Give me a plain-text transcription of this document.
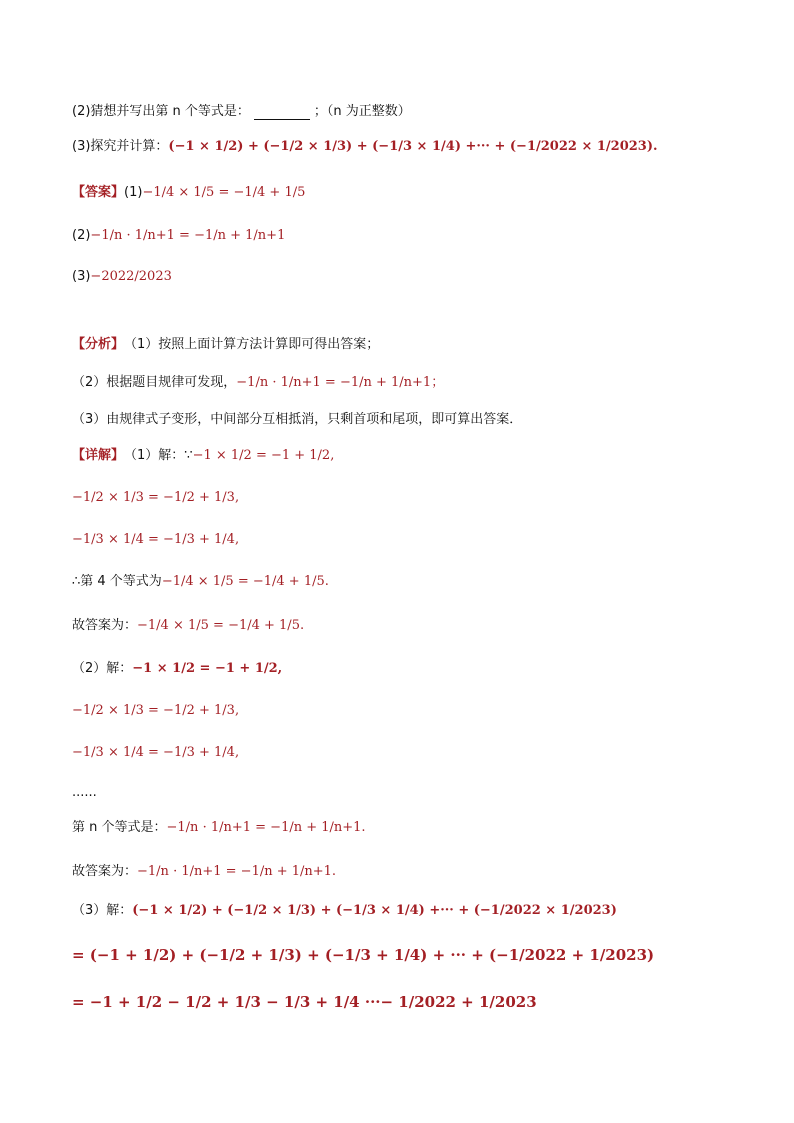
(2)猜想并写出第 n 个等式是：	；（n 为正整数）
(3)探究并计算： (−1 × 1/2) + (−1/2 × 1/3) + (−1/3 × 1/4) +··· + (−1/2022 × 1/2023).
【答案】 (1) −1/4 × 1/5 = −1/4 + 1/5
(2) −1/n · 1/n+1 = −1/n + 1/n+1
(3) −2022/2023
【分析】 （1）按照上面计算方法计算即可得出答案；
（2）根据题目规律可发现， −1/n · 1/n+1 = −1/n + 1/n+1；
（3）由规律式子变形，中间部分互相抵消，只剩首项和尾项，即可算出答案．
【详解】 （1）解：∵ −1 × 1/2 = −1 + 1/2,
−1/2 × 1/3 = −1/2 + 1/3,
−1/3 × 1/4 = −1/3 + 1/4,
∴第 4 个等式为 −1/4 × 1/5 = −1/4 + 1/5.
故答案为： −1/4 × 1/5 = −1/4 + 1/5.
（2）解： −1 × 1/2 = −1 + 1/2,
−1/2 × 1/3 = −1/2 + 1/3,
−1/3 × 1/4 = −1/3 + 1/4,
......
第 n 个等式是： −1/n · 1/n+1 = −1/n + 1/n+1.
故答案为： −1/n · 1/n+1 = −1/n + 1/n+1.
（3）解： (−1 × 1/2) + (−1/2 × 1/3) + (−1/3 × 1/4) +··· + (−1/2022 × 1/2023)
= (−1 + 1/2) + (−1/2 + 1/3) + (−1/3 + 1/4) + ··· + (−1/2022 + 1/2023)
= −1 + 1/2 − 1/2 + 1/3 − 1/3 + 1/4 ···− 1/2022 + 1/2023
